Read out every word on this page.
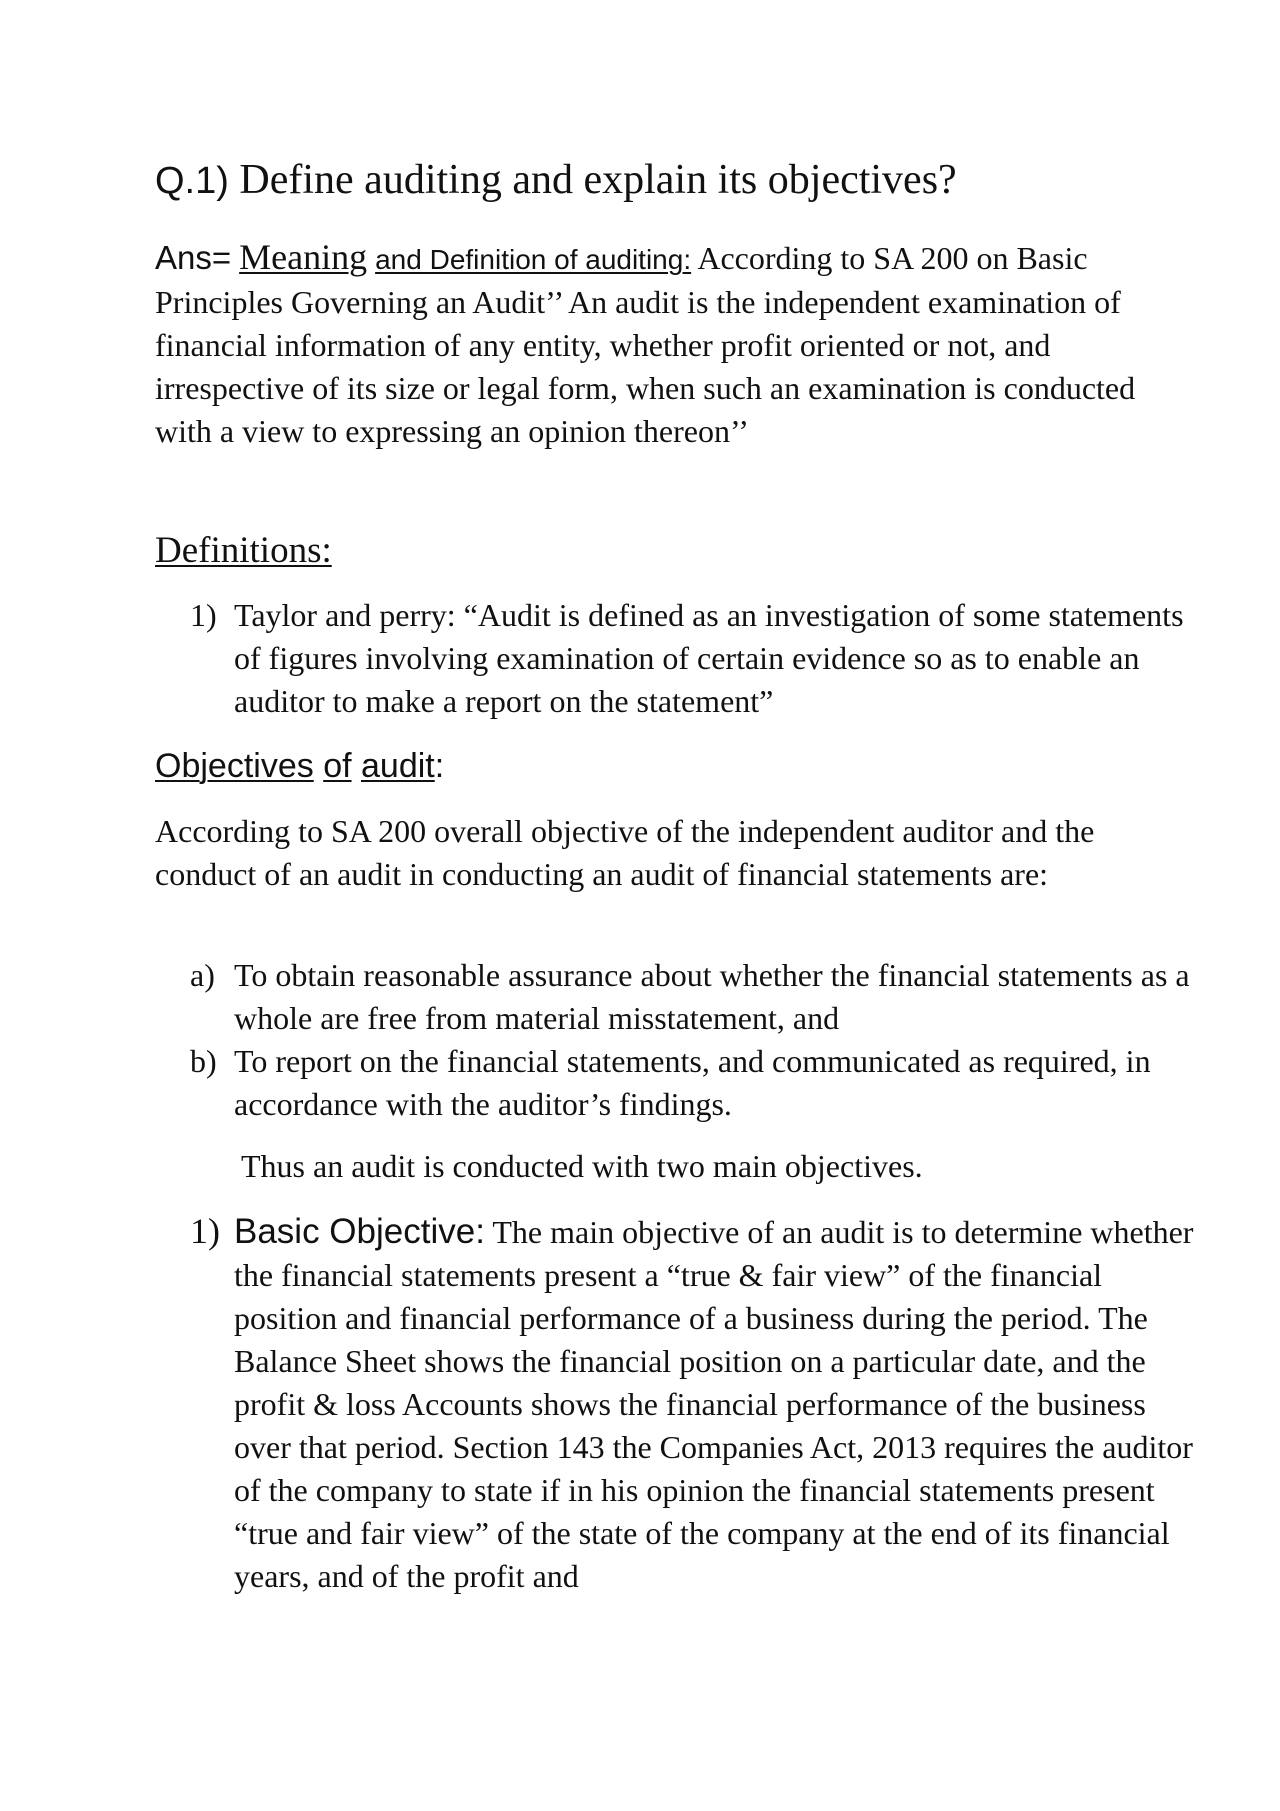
Q.1) Define auditing and explain its objectives?
Ans= Meaning and Definition of auditing: According to SA 200 on Basic Principles Governing an Audit’’ An audit is the independent examination of financial information of any entity, whether profit oriented or not, and irrespective of its size or legal form, when such an examination is conducted with a view to expressing an opinion thereon’’
Definitions:
1) Taylor and perry: “Audit is defined as an investigation of some statements of figures involving examination of certain evidence so as to enable an auditor to make a report on the statement”
Objectives of audit:
According to SA 200 overall objective of the independent auditor and the conduct of an audit in conducting an audit of financial statements are:
a) To obtain reasonable assurance about whether the financial statements as a whole are free from material misstatement, and
b) To report on the financial statements, and communicated as required, in accordance with the auditor’s findings.
Thus an audit is conducted with two main objectives.
1) Basic Objective: The main objective of an audit is to determine whether the financial statements present a “true & fair view” of the financial position and financial performance of a business during the period. The Balance Sheet shows the financial position on a particular date, and the profit & loss Accounts shows the financial performance of the business over that period. Section 143 the Companies Act, 2013 requires the auditor of the company to state if in his opinion the financial statements present “true and fair view” of the state of the company at the end of its financial years, and of the profit and
